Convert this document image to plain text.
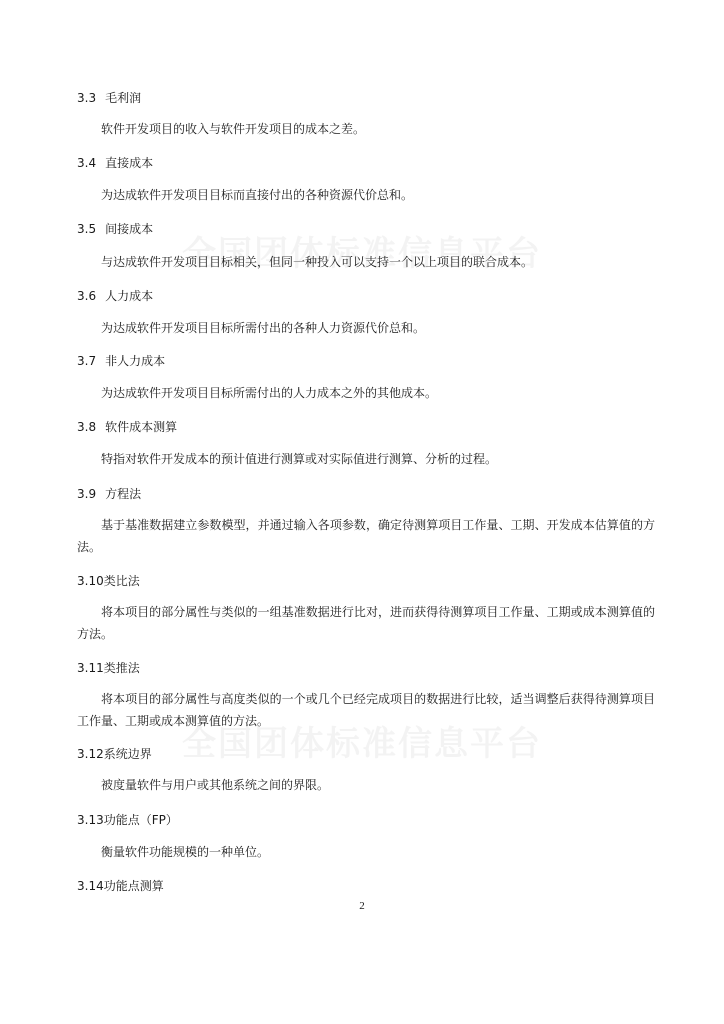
3.3 毛利润
软件开发项目的收入与软件开发项目的成本之差。
3.4 直接成本
为达成软件开发项目目标而直接付出的各种资源代价总和。
3.5 间接成本
与达成软件开发项目目标相关，但同一种投入可以支持一个以上项目的联合成本。
3.6 人力成本
为达成软件开发项目目标所需付出的各种人力资源代价总和。
3.7 非人力成本
为达成软件开发项目目标所需付出的人力成本之外的其他成本。
3.8 软件成本测算
特指对软件开发成本的预计值进行测算或对实际值进行测算、分析的过程。
3.9 方程法
基于基准数据建立参数模型，并通过输入各项参数，确定待测算项目工作量、工期、开发成本估算值的方法。
3.10类比法
将本项目的部分属性与类似的一组基准数据进行比对，进而获得待测算项目工作量、工期或成本测算值的方法。
3.11类推法
将本项目的部分属性与高度类似的一个或几个已经完成项目的数据进行比较，适当调整后获得待测算项目工作量、工期或成本测算值的方法。
3.12系统边界
被度量软件与用户或其他系统之间的界限。
3.13功能点（FP）
衡量软件功能规模的一种单位。
3.14功能点测算
2
